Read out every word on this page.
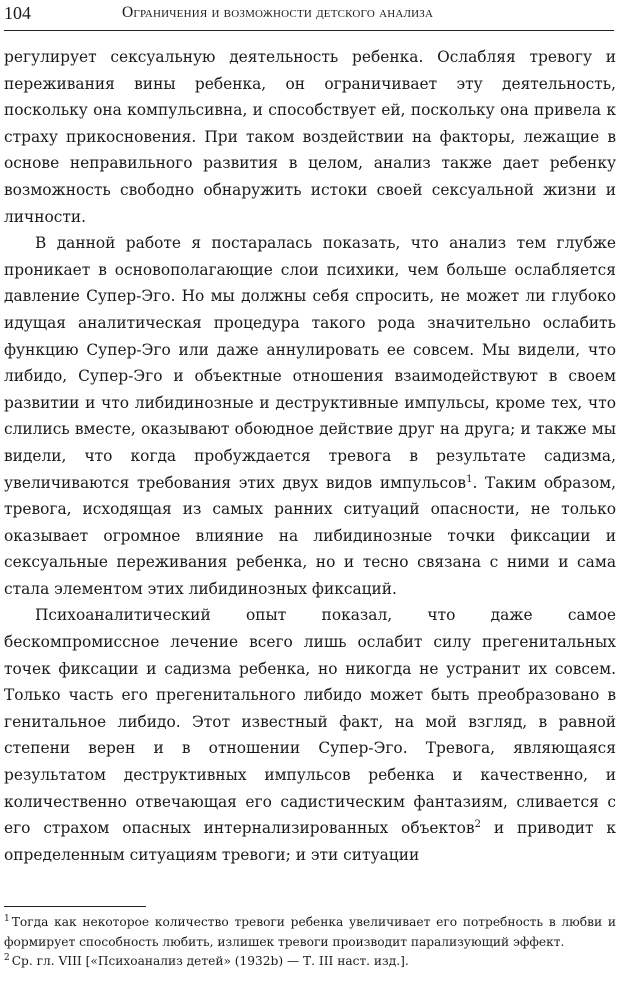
104	Ограничения и возможности детского анализа

регулирует сексуальную деятельность ребенка. Ослабляя тревогу и переживания вины ребенка, он ограничивает эту деятельность, поскольку она компульсивна, и способствует ей, поскольку она привела к страху прикосновения. При таком воздействии на факторы, лежащие в основе неправильного развития в целом, анализ также дает ребенку возможность свободно обнаружить истоки своей сексуальной жизни и личности.

В данной работе я постаралась показать, что анализ тем глубже проникает в основополагающие слои психики, чем больше ослабляется давление Супер-Эго. Но мы должны себя спросить, не может ли глубоко идущая аналитическая процедура такого рода значительно ослабить функцию Супер-Эго или даже аннулировать ее совсем. Мы видели, что либидо, Супер-Эго и объектные отношения взаимодействуют в своем развитии и что либидинозные и деструктивные импульсы, кроме тех, что слились вместе, оказывают обоюдное действие друг на друга; и также мы видели, что когда пробуждается тревога в результате садизма, увеличиваются требования этих двух видов импульсов$^1$. Таким образом, тревога, исходящая из самых ранних ситуаций опасности, не только оказывает огромное влияние на либидинозные точки фиксации и сексуальные переживания ребенка, но и тесно связана с ними и сама стала элементом этих либидинозных фиксаций.

Психоаналитический опыт показал, что даже самое бескомпромиссное лечение всего лишь ослабит силу прегенитальных точек фиксации и садизма ребенка, но никогда не устранит их совсем. Только часть его прегенитального либидо может быть преобразовано в генитальное либидо. Этот известный факт, на мой взгляд, в равной степени верен и в отношении Супер-Эго. Тревога, являющаяся результатом деструктивных импульсов ребенка и качественно, и количественно отвечающая его садистическим фантазиям, сливается с его страхом опасных интернализированных объектов$^2$ и приводит к определенным ситуациям тревоги; и эти ситуации

$^1$ Тогда как некоторое количество тревоги ребенка увеличивает его потребность в любви и формирует способность любить, излишек тревоги производит парализующий эффект.

$^2$ Ср. гл. VIII [«Психоанализ детей» (1932b) — Т. III наст. изд.].
